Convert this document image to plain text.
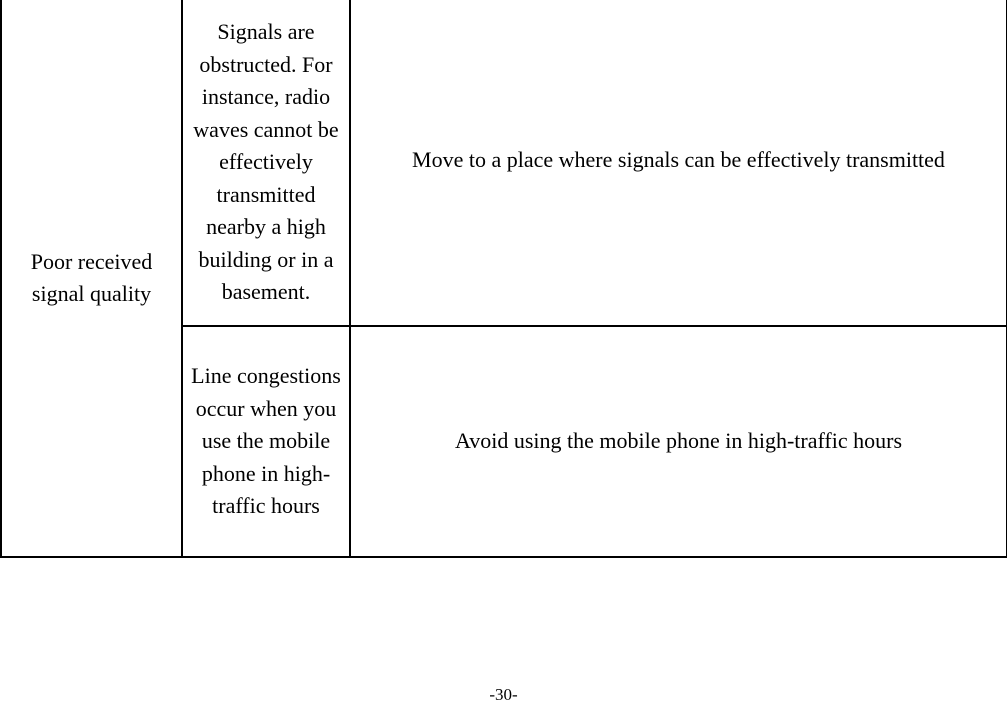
Poor received signal quality	Signals are obstructed. For instance, radio waves cannot be effectively transmitted nearby a high building or in a basement.	Move to a place where signals can be effectively transmitted
	Line congestions occur when you use the mobile phone in high-traffic hours	Avoid using the mobile phone in high-traffic hours
-30-
